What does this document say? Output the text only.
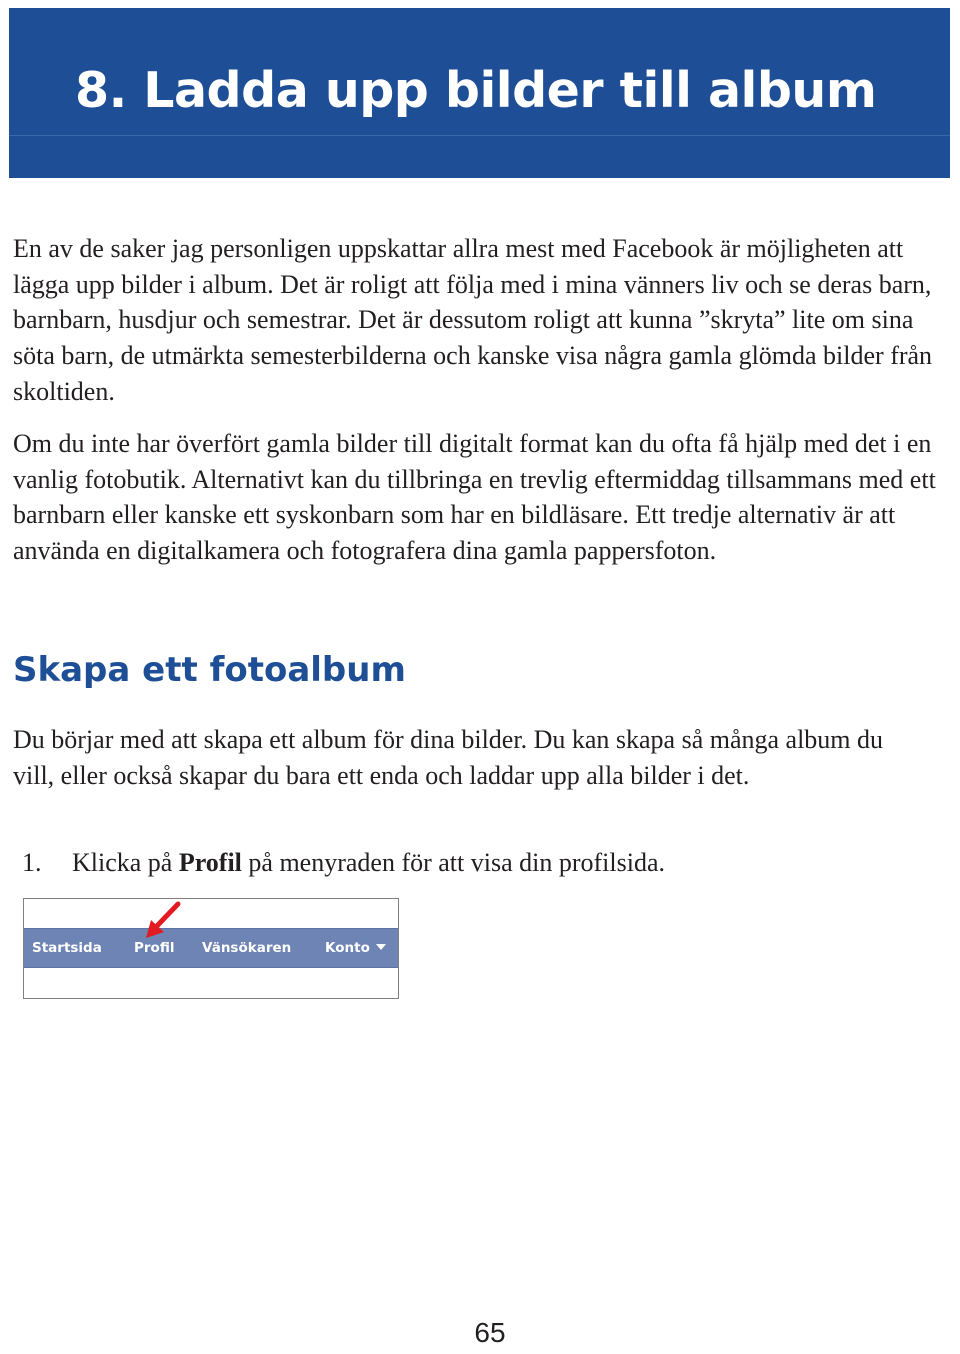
8. Ladda upp bilder till album

En av de saker jag personligen uppskattar allra mest med Facebook är möjligheten att lägga upp bilder i album. Det är roligt att följa med i mina vänners liv och se deras barn, barnbarn, husdjur och semestrar. Det är dessutom roligt att kunna ”skryta” lite om sina söta barn, de utmärkta semesterbilderna och kanske visa några gamla glömda bilder från skoltiden.

Om du inte har överfört gamla bilder till digitalt format kan du ofta få hjälp med det i en vanlig fotobutik. Alternativt kan du tillbringa en trevlig eftermiddag tillsammans med ett barnbarn eller kanske ett syskonbarn som har en bildläsare. Ett tredje alternativ är att använda en digitalkamera och fotografera dina gamla pappersfoton.

Skapa ett fotoalbum

Du börjar med att skapa ett album för dina bilder. Du kan skapa så många album du vill, eller också skapar du bara ett enda och laddar upp alla bilder i det.

1. Klicka på Profil på menyraden för att visa din profilsida.

Startsida Profil Vänsökaren Konto

65
